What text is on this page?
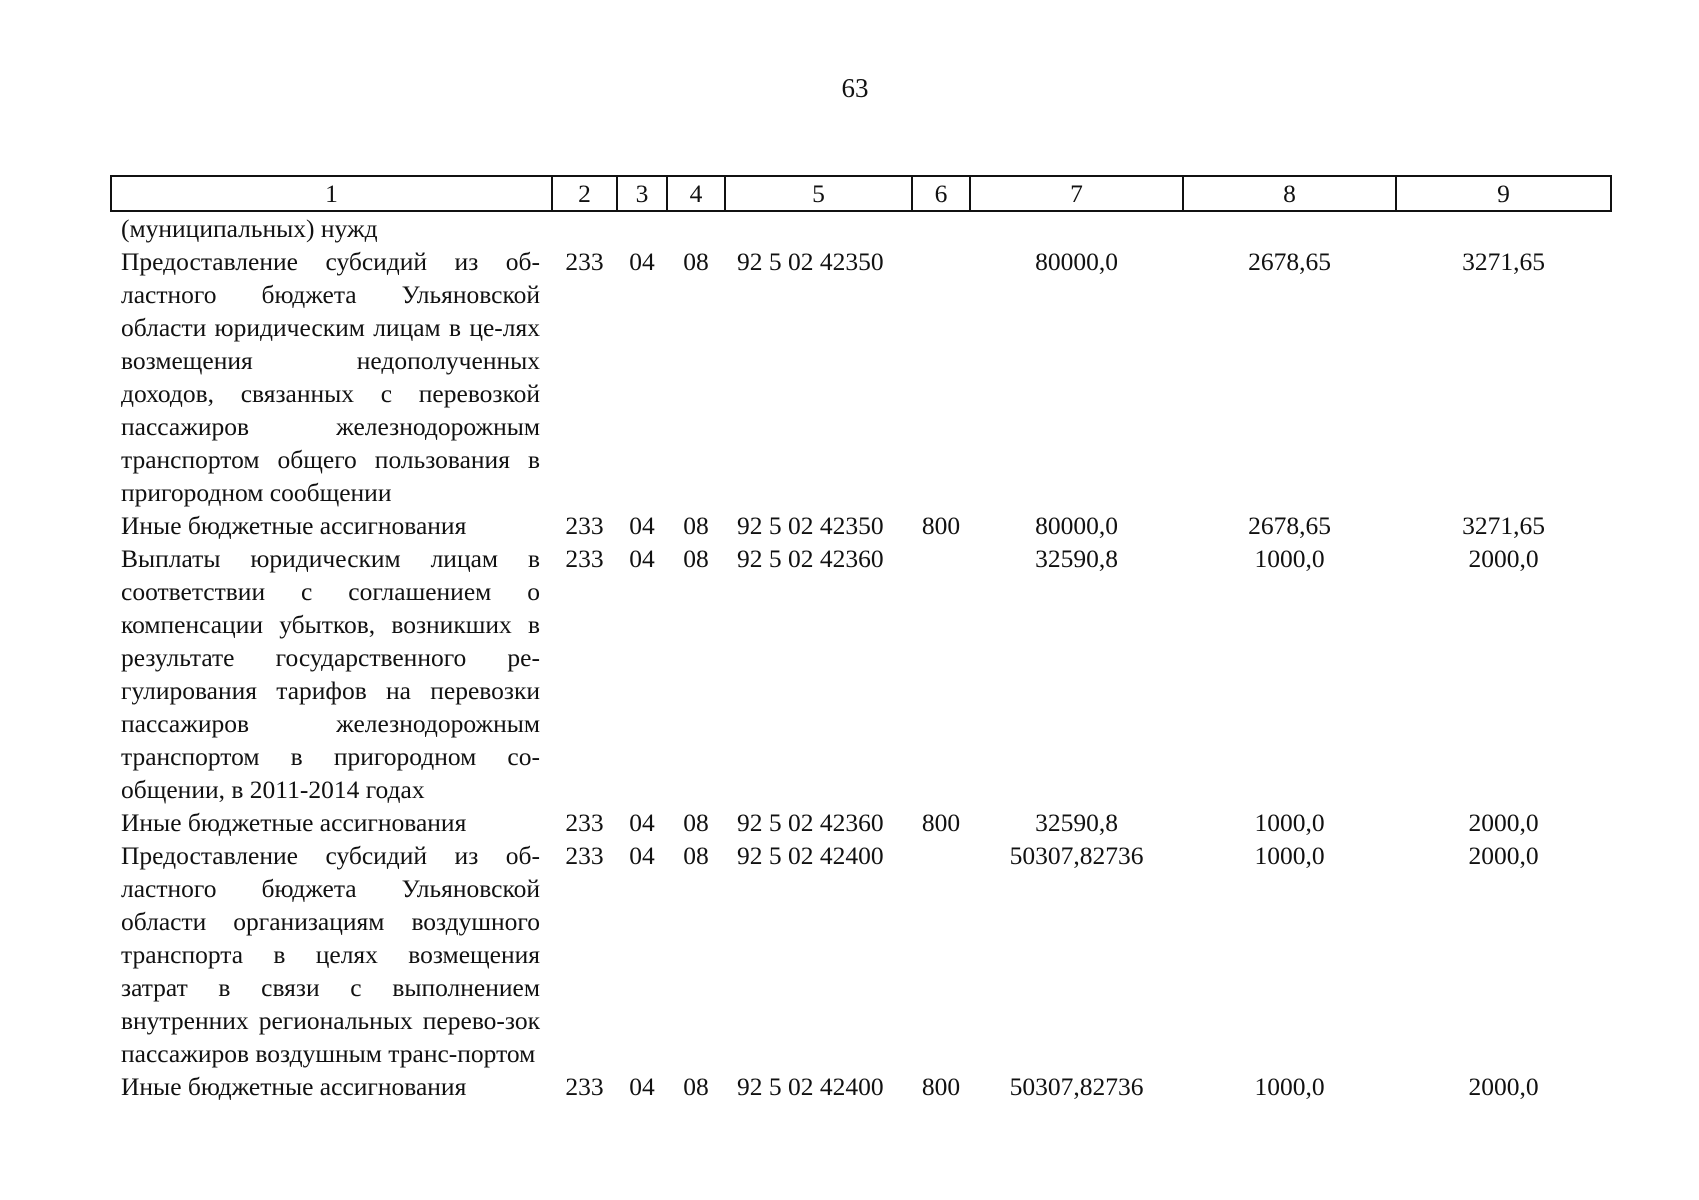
63
1	2	3	4	5	6	7	8	9
(муниципальных) нужд								
Предоставление субсидий из об-ластного бюджета Ульяновской области юридическим лицам в це-лях возмещения недополученных доходов, связанных с перевозкой пассажиров железнодорожным транспортом общего пользования в пригородном сообщении	233	04	08	92 5 02 42350		80000,0	2678,65	3271,65
Иные бюджетные ассигнования	233	04	08	92 5 02 42350	800	80000,0	2678,65	3271,65
Выплаты юридическим лицам в соответствии с соглашением о компенсации убытков, возникших в результате государственного ре-гулирования тарифов на перевозки пассажиров железнодорожным транспортом в пригородном со-общении, в 2011-2014 годах	233	04	08	92 5 02 42360		32590,8	1000,0	2000,0
Иные бюджетные ассигнования	233	04	08	92 5 02 42360	800	32590,8	1000,0	2000,0
Предоставление субсидий из об-ластного бюджета Ульяновской области организациям воздушного транспорта в целях возмещения затрат в связи с выполнением внутренних региональных перево-зок пассажиров воздушным транс-портом	233	04	08	92 5 02 42400		50307,82736	1000,0	2000,0
Иные бюджетные ассигнования	233	04	08	92 5 02 42400	800	50307,82736	1000,0	2000,0
